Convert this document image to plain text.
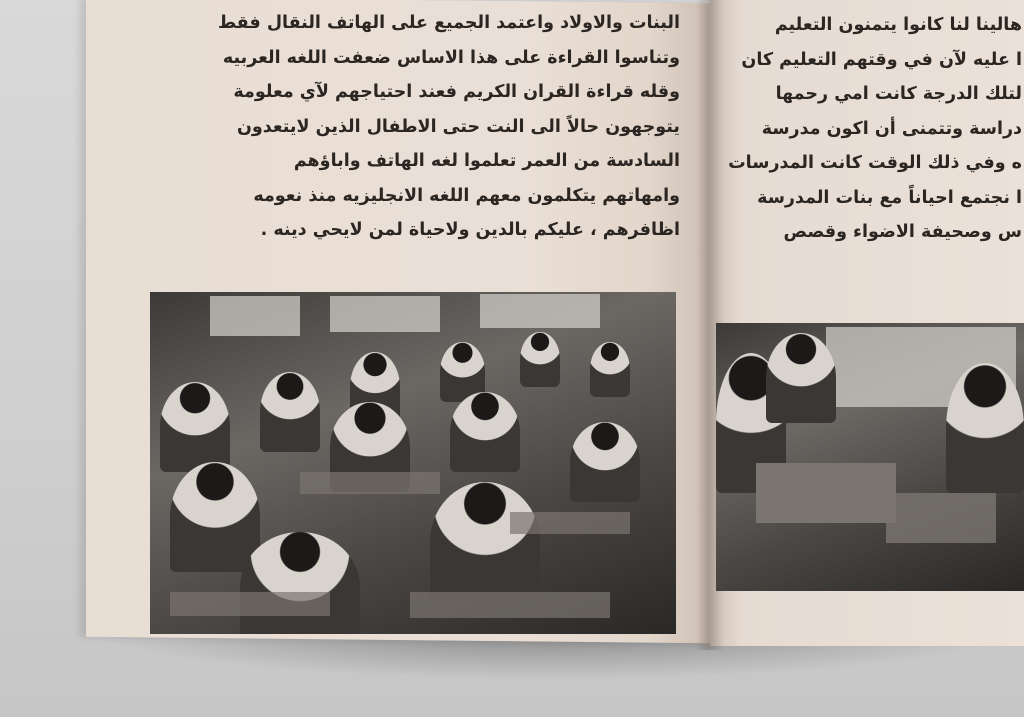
البنات والاولاد واعتمد الجميع على الهاتف النقال فقط

وتناسوا القراءة على هذا الاساس ضعفت اللغه العربيه

وقله قراءة القران الكريم فعند احتياجهم لآي معلومة

يتوجهون حالاً الى النت حتى الاطفال الذين لايتعدون

السادسة من العمر تعلموا لغه الهاتف واباؤهم

وامهاتهم يتكلمون معهم اللغه الانجليزيه منذ نعومه

اظافرهم ، عليكم بالدين ولاحياة لمن لايحي دينه .

هالينا لنا كانوا يتمنون التعليم

ا عليه لآن في وقتهم التعليم كان

لتلك الدرجة كانت امي رحمها

دراسة وتتمنى أن اكون مدرسة

ه وفي ذلك الوقت كانت المدرسات

ا نجتمع احياناً مع بنات المدرسة

س وصحيفة الاضواء وقصص
